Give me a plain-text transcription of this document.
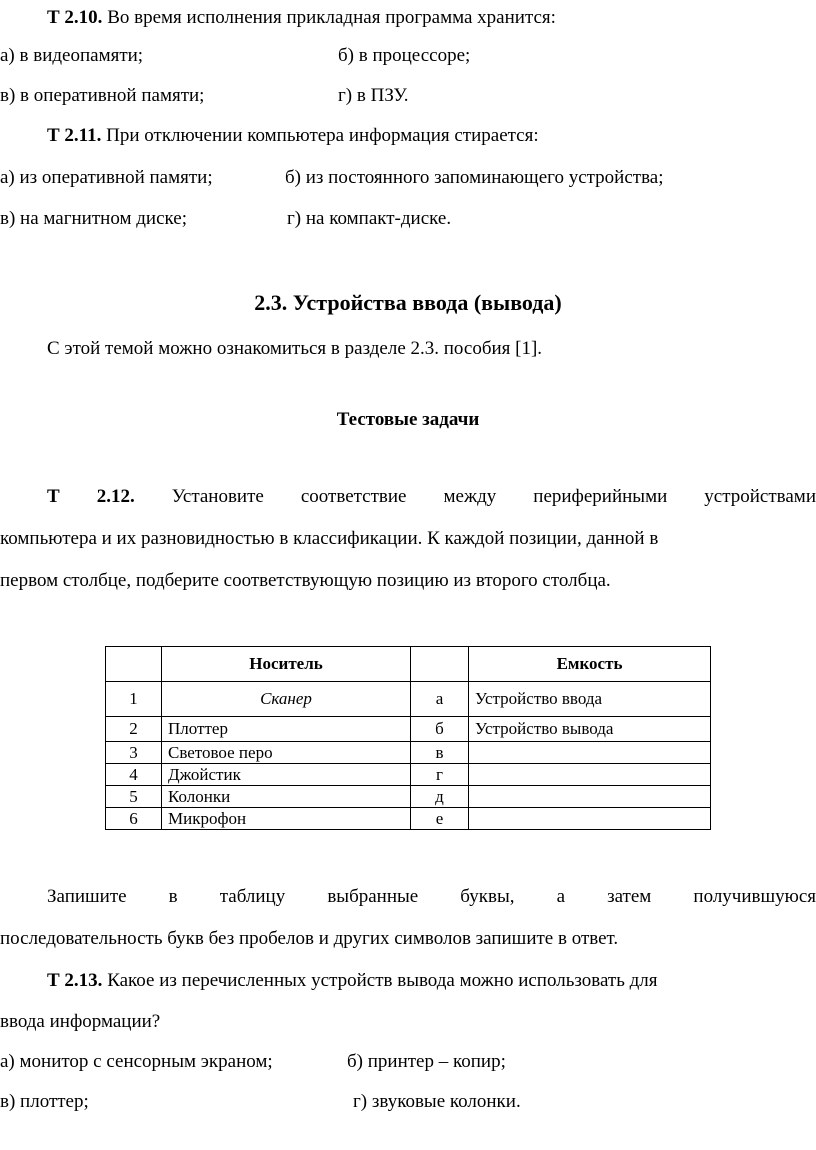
Т 2.10. Во время исполнения прикладная программа хранится:
а) в видеопамяти;	б) в процессоре;
в) в оперативной памяти;	г) в ПЗУ.
Т 2.11. При отключении компьютера информация стирается:
а) из оперативной памяти;	б) из постоянного запоминающего устройства;
в) на магнитном диске;	г) на компакт-диске.
2.3. Устройства ввода (вывода)
С этой темой можно ознакомиться в разделе 2.3. пособия [1].
Тестовые задачи
Т 2.12. Установите соответствие между периферийными устройствами
компьютера и их разновидностью в классификации. К каждой позиции, данной в
первом столбце, подберите соответствующую позицию из второго столбца.
	Носитель		Емкость
1	Сканер	а	Устройство ввода
2	Плоттер	б	Устройство вывода
3	Световое перо	в	
4	Джойстик	г	
5	Колонки	д	
6	Микрофон	е	
Запишите в таблицу выбранные буквы, а затем получившуюся
последовательность букв без пробелов и других символов запишите в ответ.
Т 2.13. Какое из перечисленных устройств вывода можно использовать для
ввода информации?
а) монитор с сенсорным экраном;	б) принтер – копир;
в) плоттер;	г) звуковые колонки.
